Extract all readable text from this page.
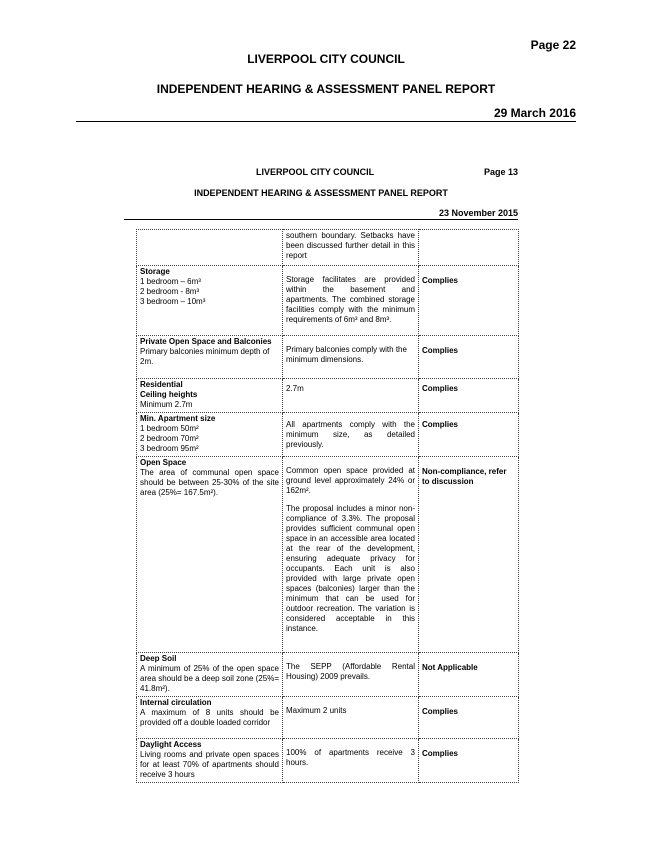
Page 22
LIVERPOOL CITY COUNCIL
INDEPENDENT HEARING & ASSESSMENT PANEL REPORT
29 March 2016
LIVERPOOL CITY COUNCIL	Page 13
INDEPENDENT HEARING & ASSESSMENT PANEL REPORT
23 November 2015

	southern boundary. Setbacks have been discussed further detail in this report	

Storage
1 bedroom – 6m³
2 bedroom - 8m³
3 bedroom – 10m³	Storage facilitates are provided within the basement and apartments. The combined storage facilities comply with the minimum requirements of 6m³ and 8m³.	Complies

Private Open Space and Balconies
Primary balconies minimum depth of 2m.	Primary balconies comply with the minimum dimensions.	Complies

Residential
Ceiling heights
Minimum 2.7m	2.7m	Complies

Min. Apartment size
1 bedroom 50m²
2 bedroom 70m²
3 bedroom 95m²	All apartments comply with the minimum size, as detailed previously.	Complies

Open Space
The area of communal open space should be between 25-30% of the site area (25%= 167.5m²).	Common open space provided at ground level approximately 24% or 162m².
The proposal includes a minor non-compliance of 3.3%. The proposal provides sufficient communal open space in an accessible area located at the rear of the development, ensuring adequate privacy for occupants. Each unit is also provided with large private open spaces (balconies) larger than the minimum that can be used for outdoor recreation. The variation is considered acceptable in this instance.	Non-compliance, refer to discussion

Deep Soil
A minimum of 25% of the open space area should be a deep soil zone (25%= 41.8m²).	The SEPP (Affordable Rental Housing) 2009 prevails.	Not Applicable

Internal circulation
A maximum of 8 units should be provided off a double loaded corridor	Maximum 2 units	Complies

Daylight Access
Living rooms and private open spaces for at least 70% of apartments should receive 3 hours	100% of apartments receive 3 hours.	Complies
